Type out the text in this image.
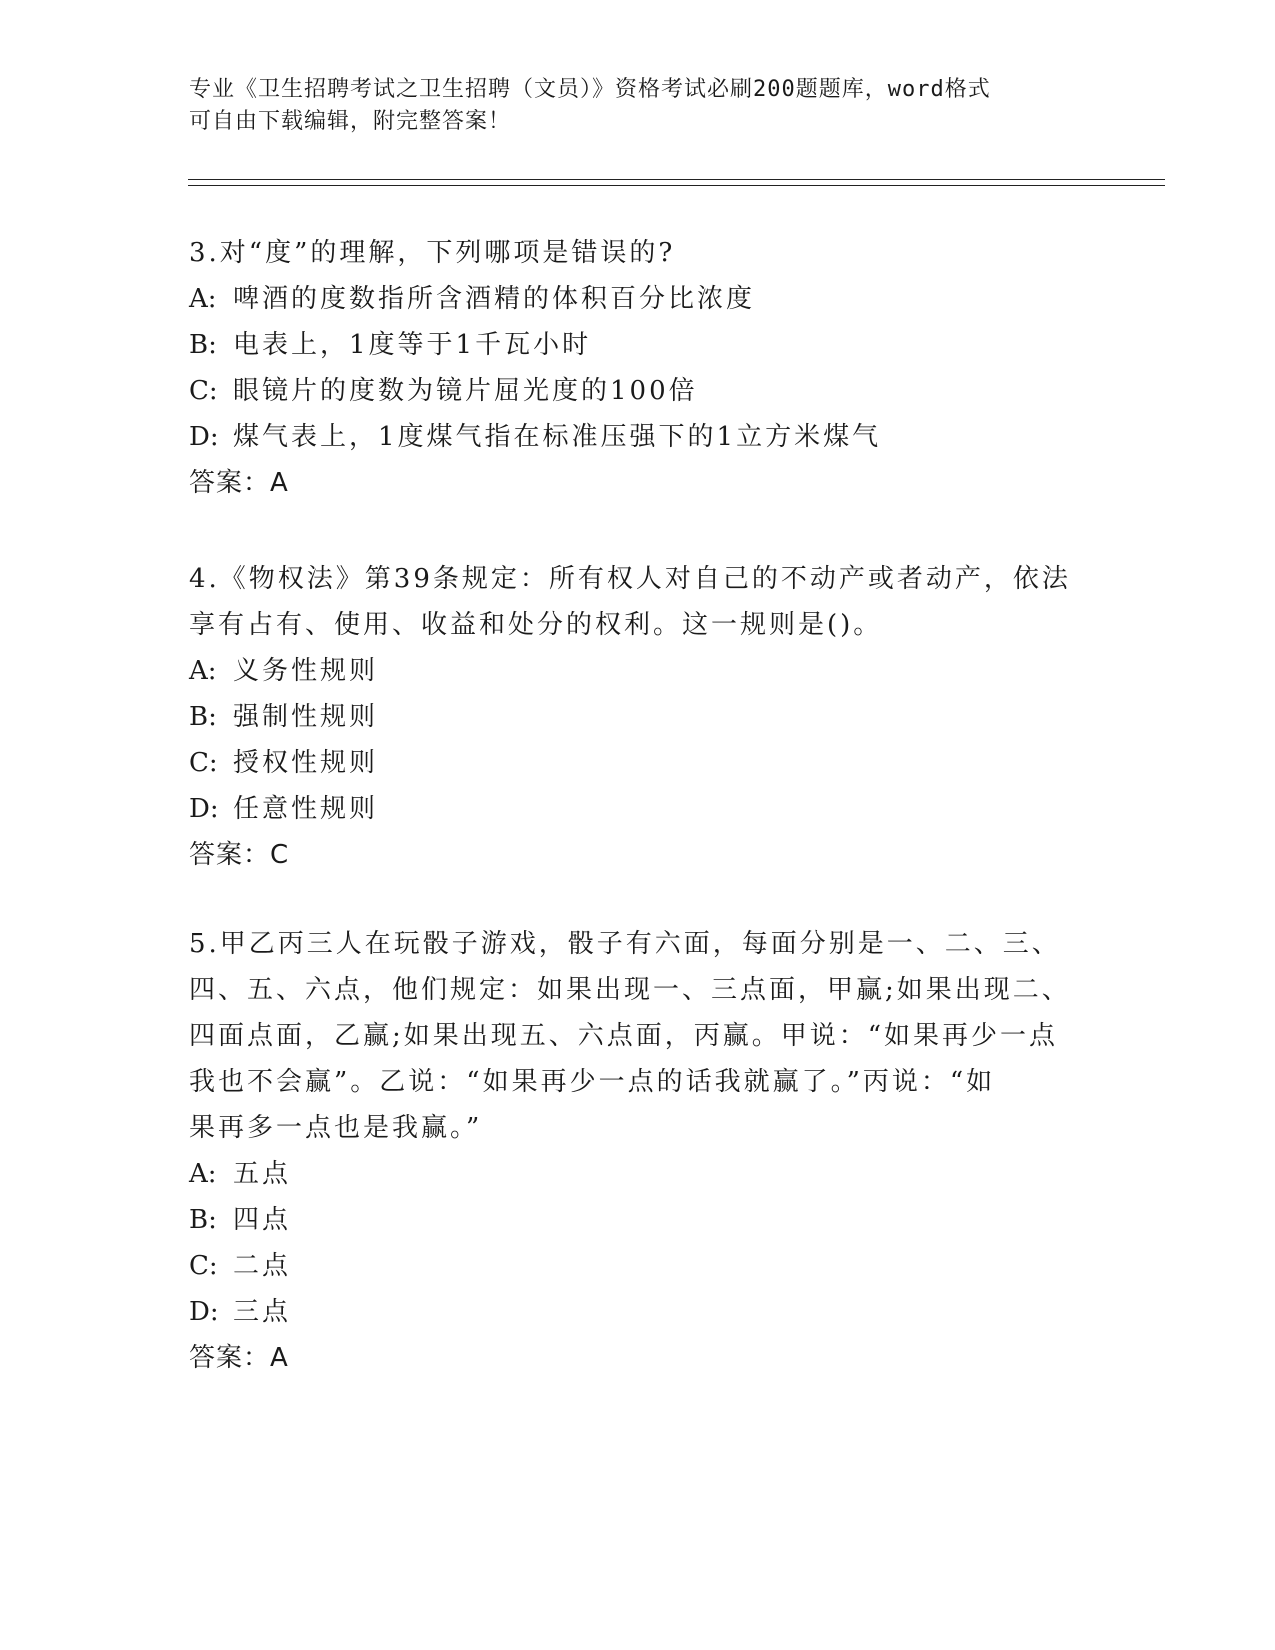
专业《卫生招聘考试之卫生招聘（文员）》资格考试必刷200题题库，word格式
可自由下载编辑，附完整答案！
3.对“度”的理解，下列哪项是错误的?
A: 啤酒的度数指所含酒精的体积百分比浓度
B: 电表上，1度等于1千瓦小时
C: 眼镜片的度数为镜片屈光度的100倍
D: 煤气表上，1度煤气指在标准压强下的1立方米煤气
答案：A
4.《物权法》第39条规定：所有权人对自己的不动产或者动产，依法
享有占有、使用、收益和处分的权利。这一规则是()。
A: 义务性规则
B: 强制性规则
C: 授权性规则
D: 任意性规则
答案：C
5.甲乙丙三人在玩骰子游戏，骰子有六面，每面分别是一、二、三、
四、五、六点，他们规定：如果出现一、三点面，甲赢;如果出现二、
四面点面，乙赢;如果出现五、六点面，丙赢。甲说：“如果再少一点
我也不会赢”。乙说：“如果再少一点的话我就赢了。”丙说：“如
果再多一点也是我赢。”
A: 五点
B: 四点
C: 二点
D: 三点
答案：A
